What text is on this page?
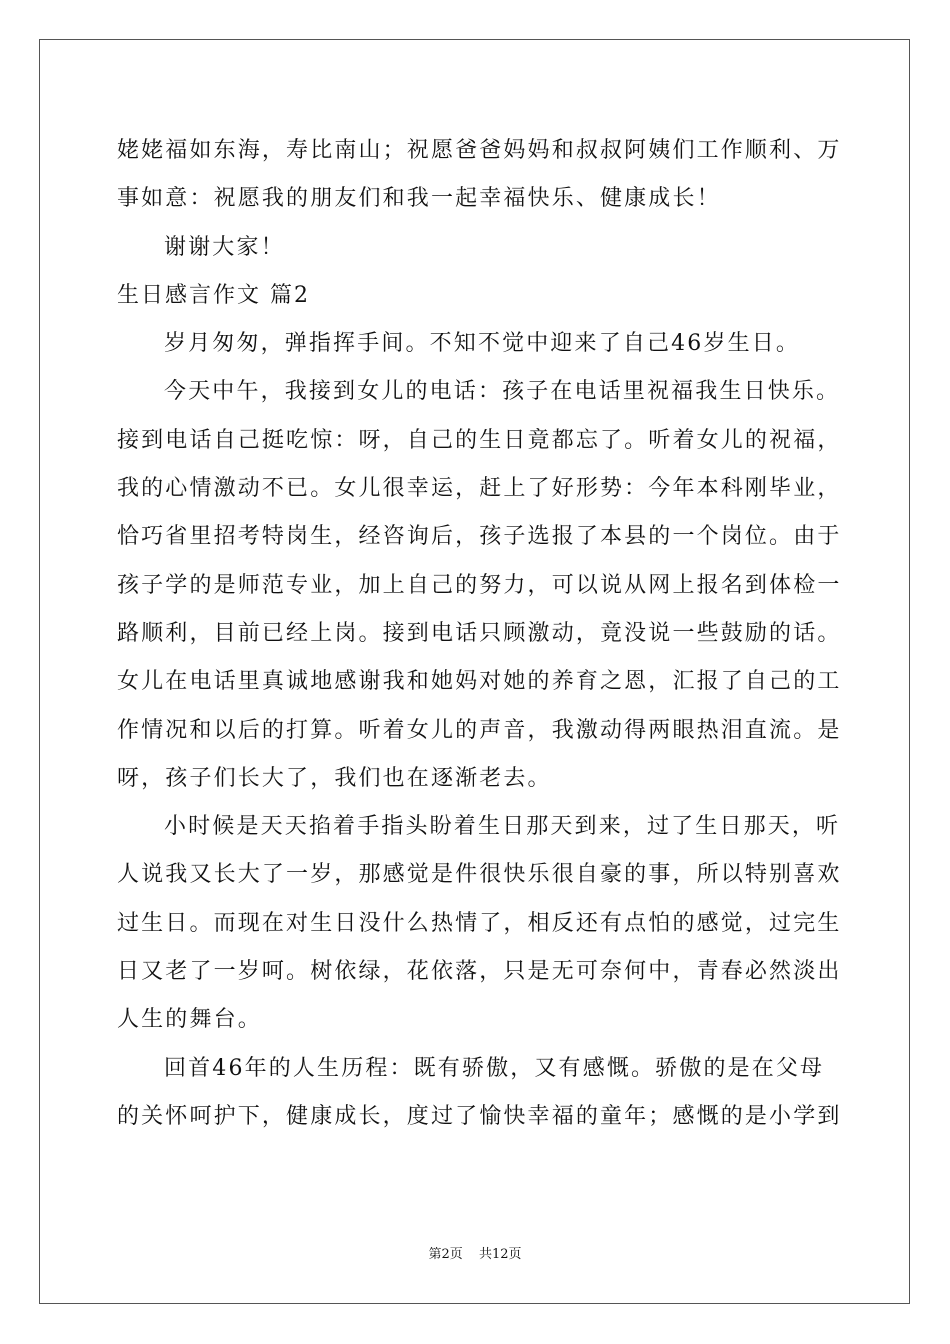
姥姥福如东海，寿比南山；祝愿爸爸妈妈和叔叔阿姨们工作顺利、万
事如意：祝愿我的朋友们和我一起幸福快乐、健康成长！
谢谢大家！
生日感言作文 篇2
岁月匆匆，弹指挥手间。不知不觉中迎来了自己46岁生日。
今天中午，我接到女儿的电话：孩子在电话里祝福我生日快乐。
接到电话自己挺吃惊：呀，自己的生日竟都忘了。听着女儿的祝福，
我的心情激动不已。女儿很幸运，赶上了好形势：今年本科刚毕业，
恰巧省里招考特岗生，经咨询后，孩子选报了本县的一个岗位。由于
孩子学的是师范专业，加上自己的努力，可以说从网上报名到体检一
路顺利，目前已经上岗。接到电话只顾激动，竟没说一些鼓励的话。
女儿在电话里真诚地感谢我和她妈对她的养育之恩，汇报了自己的工
作情况和以后的打算。听着女儿的声音，我激动得两眼热泪直流。是
呀，孩子们长大了，我们也在逐渐老去。
小时候是天天掐着手指头盼着生日那天到来，过了生日那天，听
人说我又长大了一岁，那感觉是件很快乐很自豪的事，所以特别喜欢
过生日。而现在对生日没什么热情了，相反还有点怕的感觉，过完生
日又老了一岁呵。树依绿，花依落，只是无可奈何中，青春必然淡出
人生的舞台。
回首46年的人生历程：既有骄傲，又有感慨。骄傲的是在父母
的关怀呵护下，健康成长，度过了愉快幸福的童年；感慨的是小学到
第2页 共12页
